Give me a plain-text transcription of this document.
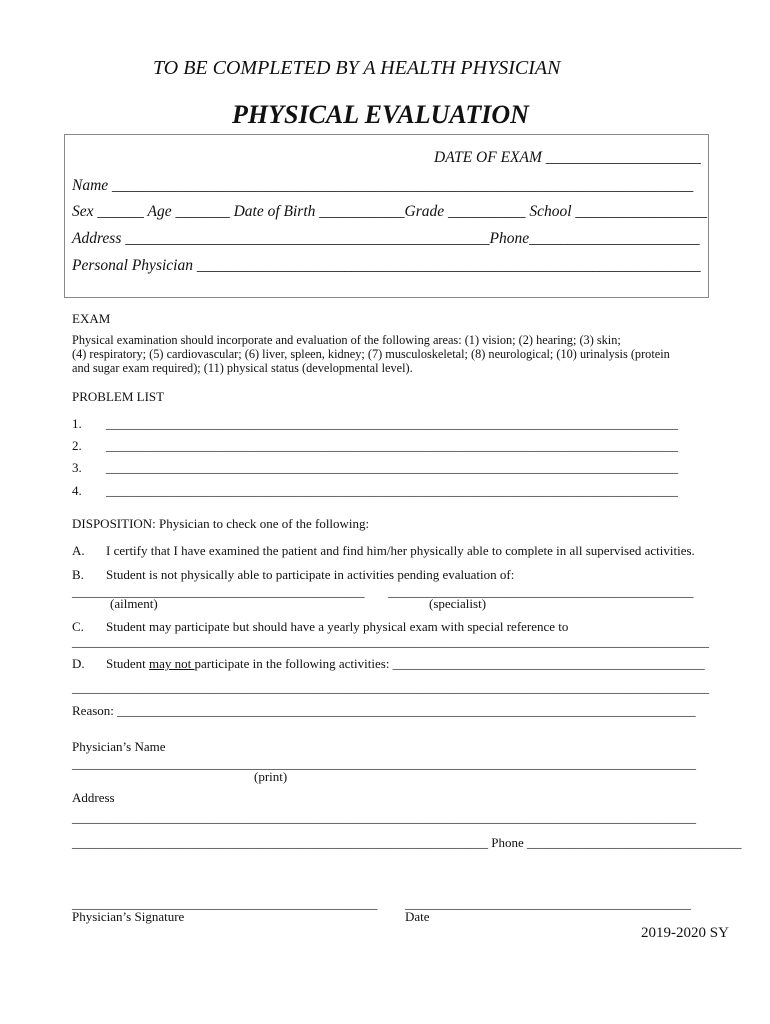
TO BE COMPLETED BY A HEALTH PHYSICIAN
PHYSICAL EVALUATION
DATE OF EXAM ____________________
Name ___________________________________________________________________________
Sex ______ Age _______ Date of Birth ___________Grade __________ School _________________
Address _______________________________________________Phone______________________
Personal Physician _________________________________________________________________
EXAM
Physical examination should incorporate and evaluation of the following areas: (1) vision; (2) hearing; (3) skin;
(4) respiratory; (5) cardiovascular; (6) liver, spleen, kidney; (7) musculoskeletal; (8) neurological; (10) urinalysis (protein
and sugar exam required); (11) physical status (developmental level).
PROBLEM LIST
1. ________________________________________________________________________________________
2. ________________________________________________________________________________________
3. ________________________________________________________________________________________
4. ________________________________________________________________________________________
DISPOSITION: Physician to check one of the following:
A. I certify that I have examined the patient and find him/her physically able to complete in all supervised activities.
B. Student is not physically able to participate in activities pending evaluation of:
_____________________________________________ _______________________________________________
(ailment)	(specialist)
C. Student may participate but should have a yearly physical exam with special reference to
__________________________________________________________________________________________________
D. Student may not participate in the following activities: ________________________________________________
__________________________________________________________________________________________________
Reason: _________________________________________________________________________________________
Physician’s Name
________________________________________________________________________________________________
(print)
Address
________________________________________________________________________________________________
________________________________________________________________ Phone _________________________________
_______________________________________________	____________________________________________
Physician’s Signature	Date
2019-2020 SY
